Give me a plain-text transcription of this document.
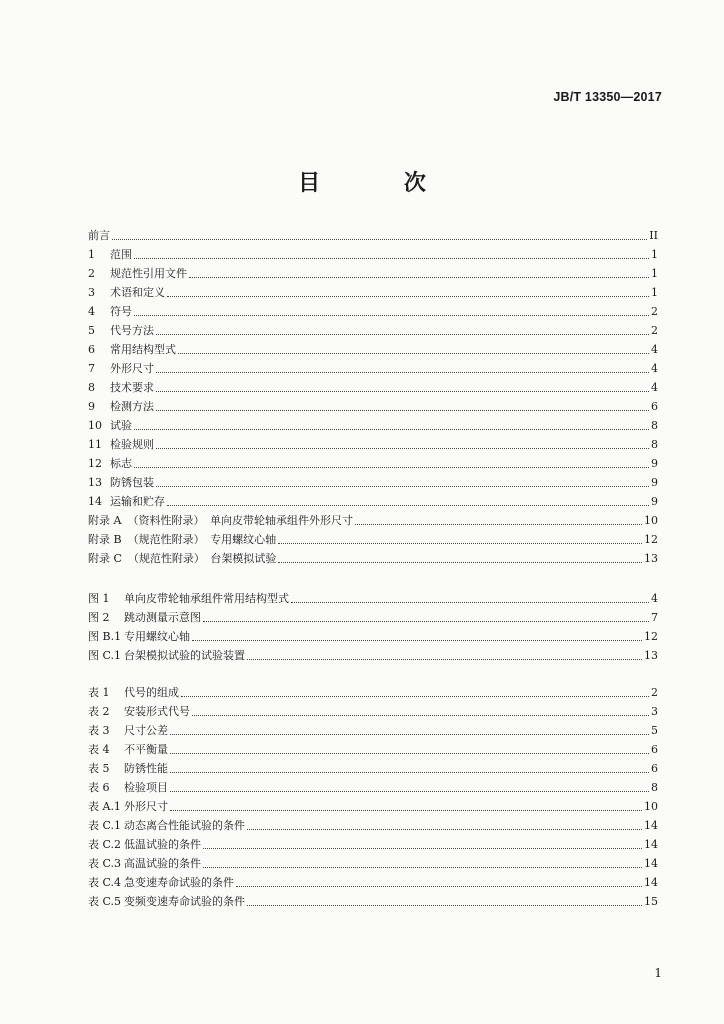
JB/T 13350—2017
目 次
前言	II
1 范围	1
2 规范性引用文件	1
3 术语和定义	1
4 符号	2
5 代号方法	2
6 常用结构型式	4
7 外形尺寸	4
8 技术要求	4
9 检测方法	6
10 试验	8
11 检验规则	8
12 标志	9
13 防锈包装	9
14 运输和贮存	9
附录 A （资料性附录）　单向皮带轮轴承组件外形尺寸	10
附录 B （规范性附录）　专用螺纹心轴	12
附录 C （规范性附录）　台架模拟试验	13
图 1 单向皮带轮轴承组件常用结构型式	4
图 2 跳动测量示意图	7
图 B.1 专用螺纹心轴	12
图 C.1 台架模拟试验的试验装置	13
表 1 代号的组成	2
表 2 安装形式代号	3
表 3 尺寸公差	5
表 4 不平衡量	6
表 5 防锈性能	6
表 6 检验项目	8
表 A.1 外形尺寸	10
表 C.1 动态离合性能试验的条件	14
表 C.2 低温试验的条件	14
表 C.3 高温试验的条件	14
表 C.4 急变速寿命试验的条件	14
表 C.5 变频变速寿命试验的条件	15
1
